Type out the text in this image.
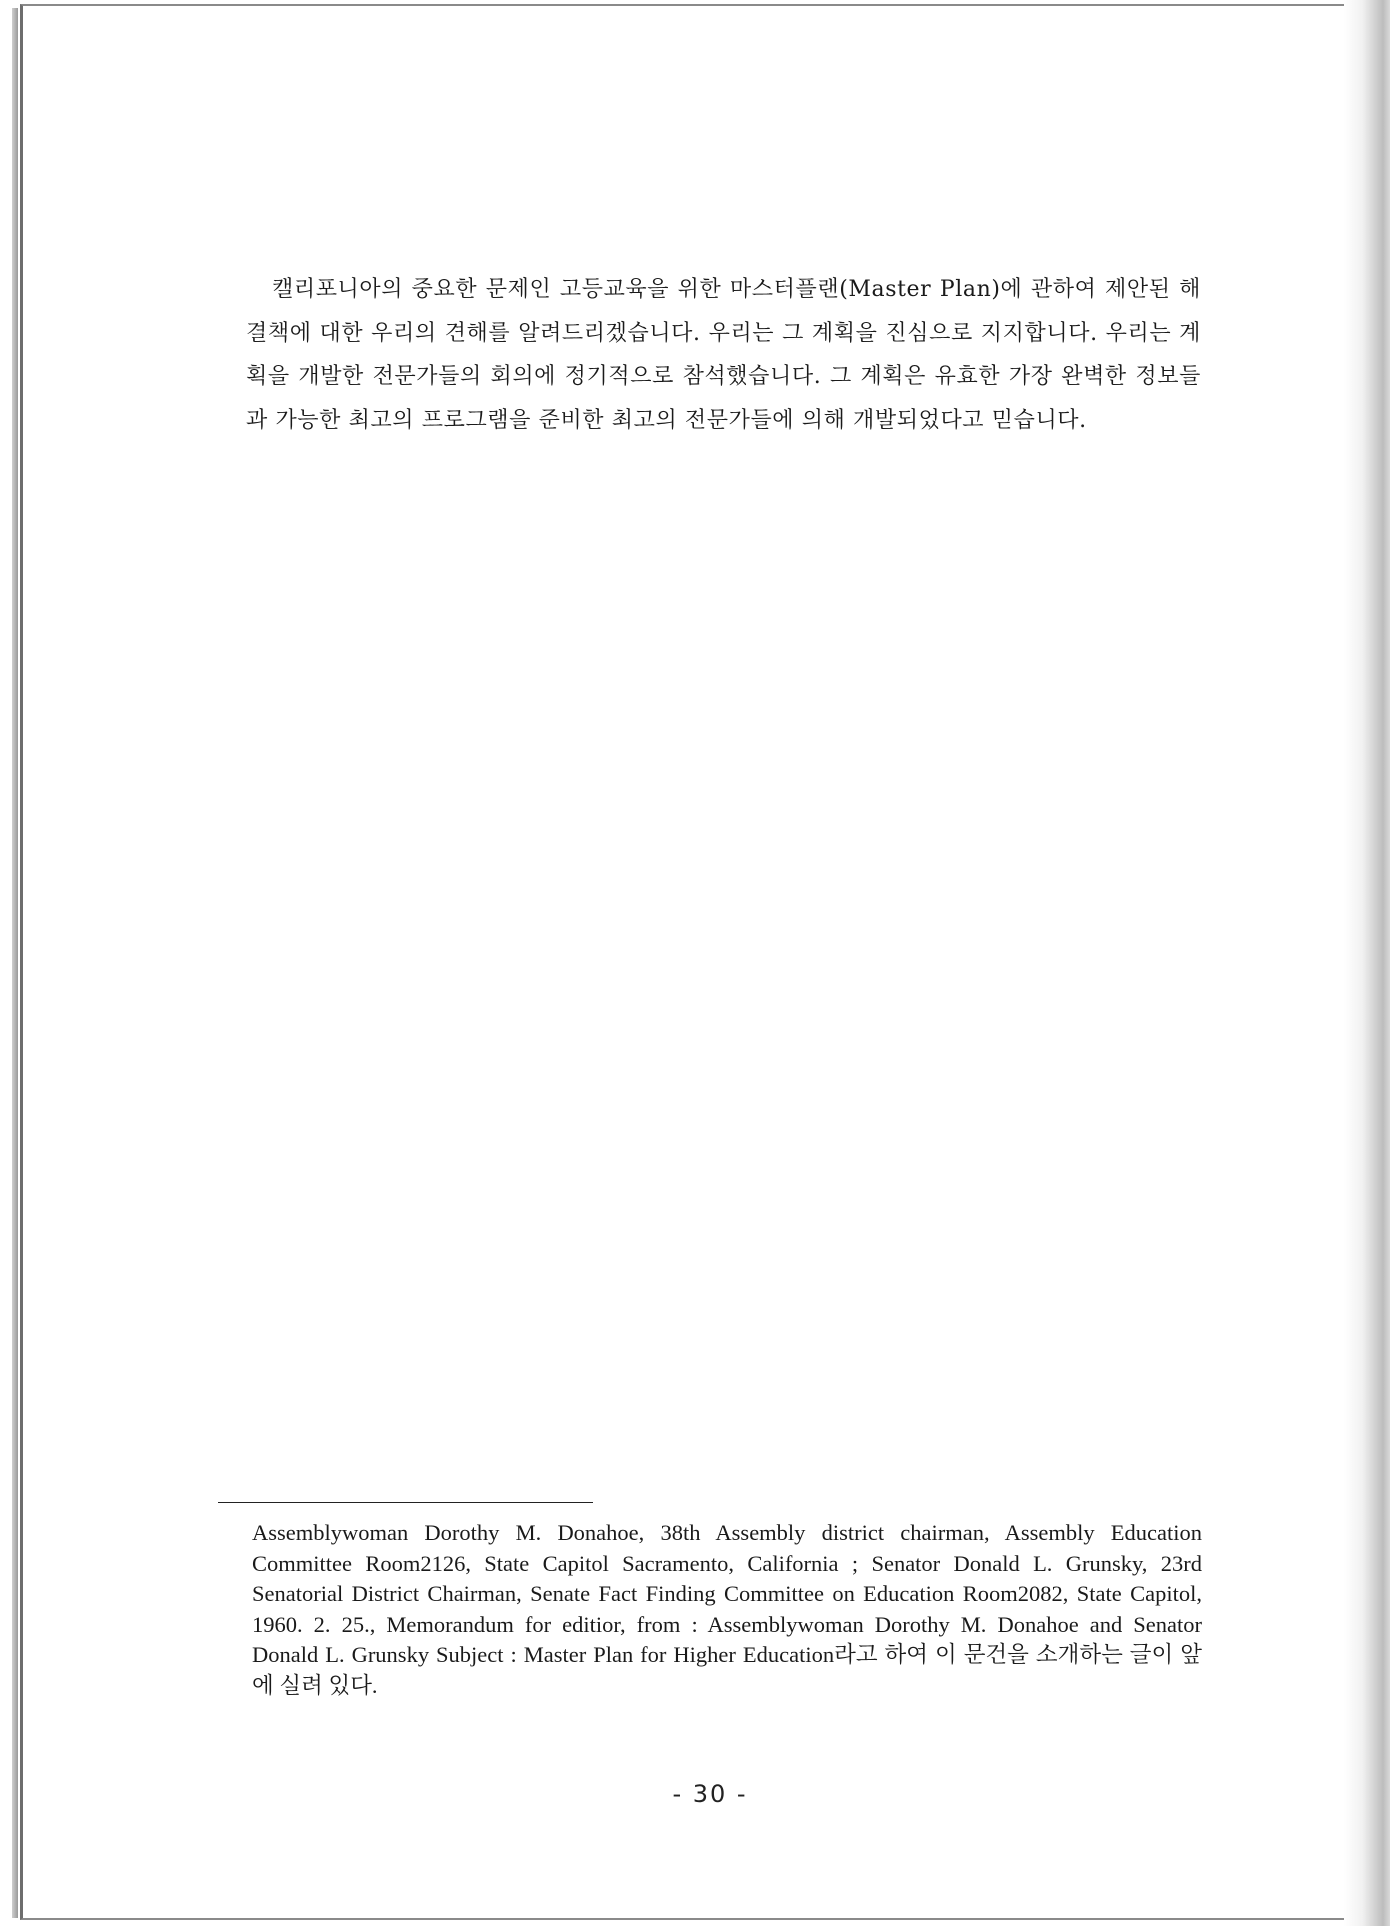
캘리포니아의 중요한 문제인 고등교육을 위한 마스터플랜(Master Plan)에 관하여 제안된 해결책에 대한 우리의 견해를 알려드리겠습니다. 우리는 그 계획을 진심으로 지지합니다. 우리는 계획을 개발한 전문가들의 회의에 정기적으로 참석했습니다. 그 계획은 유효한 가장 완벽한 정보들과 가능한 최고의 프로그램을 준비한 최고의 전문가들에 의해 개발되었다고 믿습니다.

Assemblywoman Dorothy M. Donahoe, 38th Assembly district chairman, Assembly Education Committee Room2126, State Capitol Sacramento, California ; Senator Donald L. Grunsky, 23rd Senatorial District Chairman, Senate Fact Finding Committee on Education Room2082, State Capitol, 1960. 2. 25., Memorandum for editior, from : Assemblywoman Dorothy M. Donahoe and Senator Donald L. Grunsky Subject : Master Plan for Higher Education라고 하여 이 문건을 소개하는 글이 앞에 실려 있다.

- 30 -
